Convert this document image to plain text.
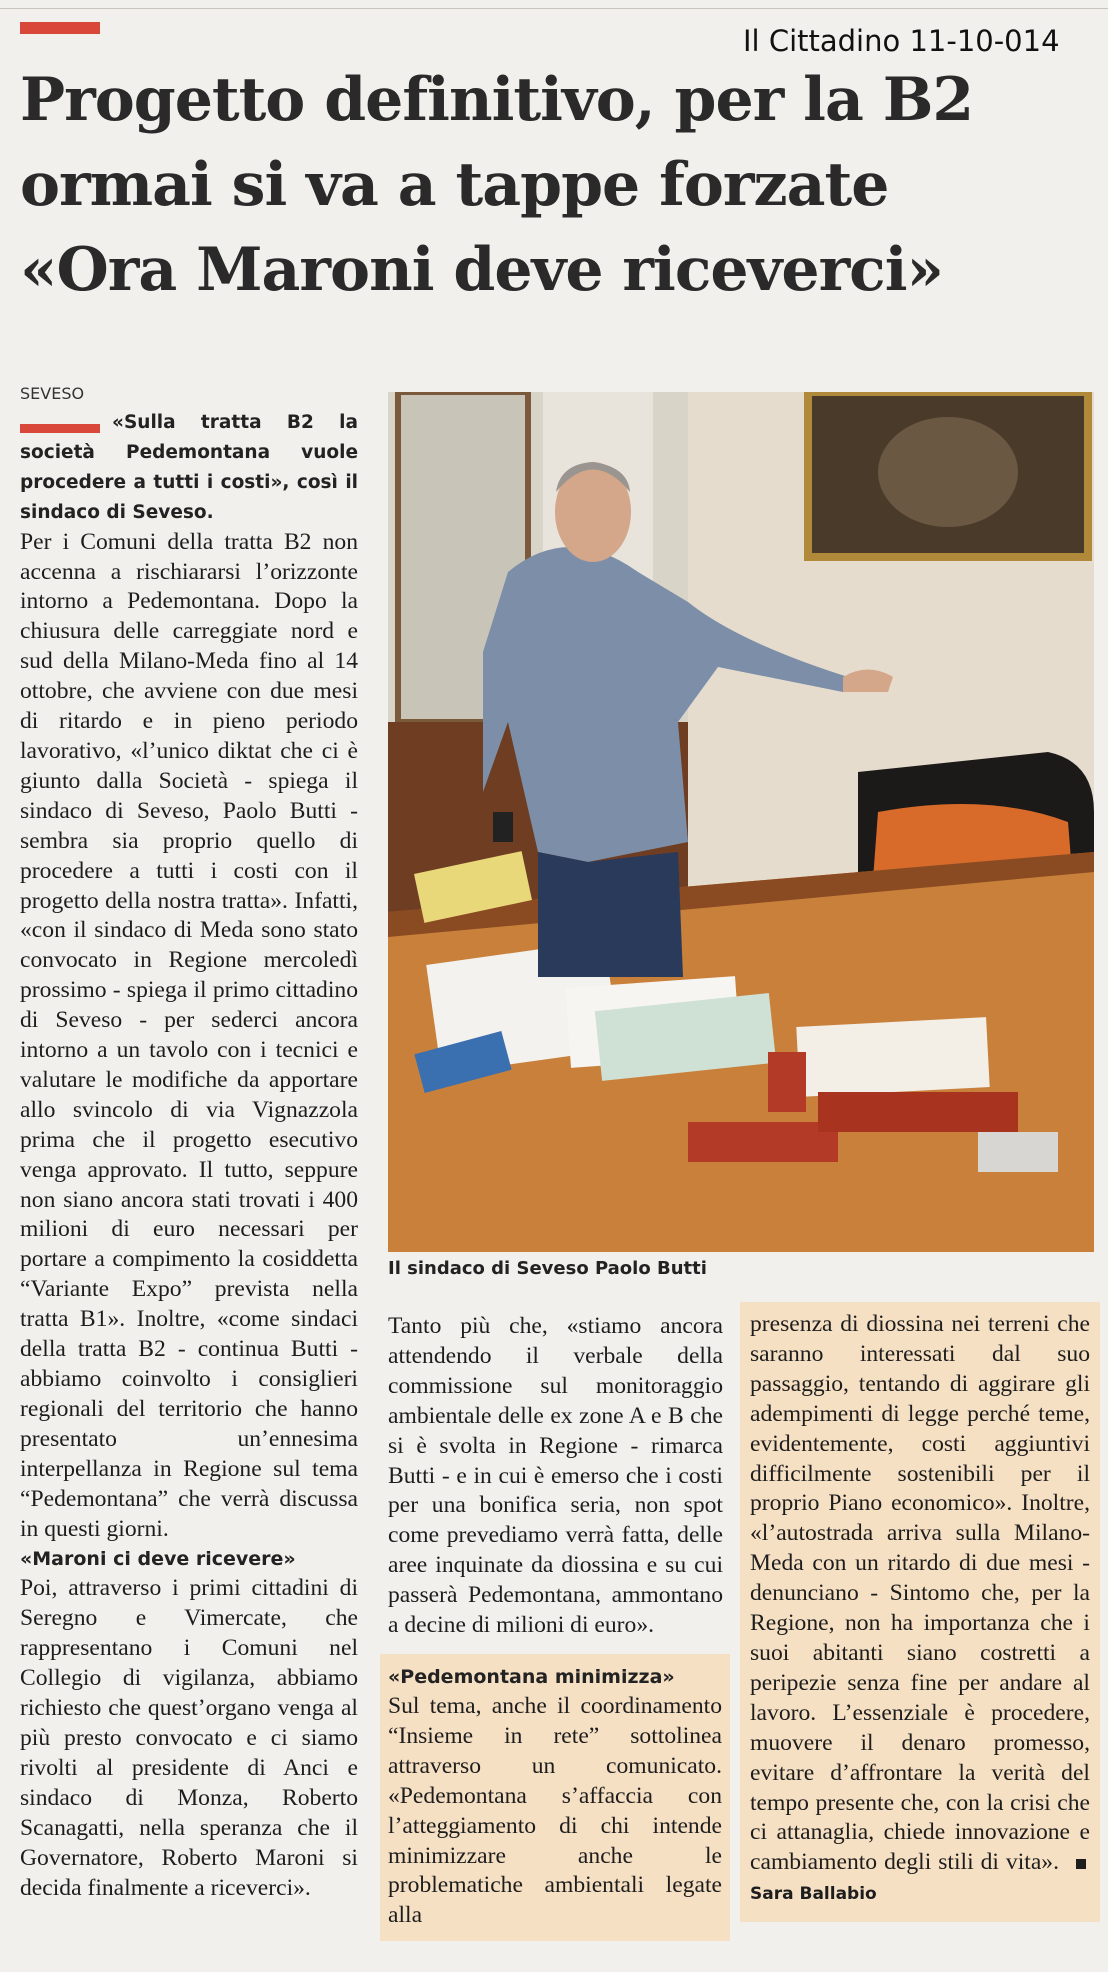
Il Cittadino 11-10-014
Progetto definitivo, per la B2
ormai si va a tappe forzate
«Ora Maroni deve riceverci»
SEVESO

«Sulla tratta B2 la società Pedemontana vuole procedere a tutti i costi», così il sindaco di Seveso.

Per i Comuni della tratta B2 non accenna a rischiararsi l’orizzonte intorno a Pedemontana. Dopo la chiusura delle carreggiate nord e sud della Milano-Meda fino al 14 ottobre, che avviene con due mesi di ritardo e in pieno periodo lavorativo, «l’unico diktat che ci è giunto dalla Società - spiega il sindaco di Seveso, Paolo Butti - sembra sia proprio quello di procedere a tutti i costi con il progetto della nostra tratta». Infatti, «con il sindaco di Meda sono stato convocato in Regione mercoledì prossimo - spiega il primo cittadino di Seveso - per sederci ancora intorno a un tavolo con i tecnici e valutare le modifiche da apportare allo svincolo di via Vignazzola prima che il progetto esecutivo venga approvato. Il tutto, seppure non siano ancora stati trovati i 400 milioni di euro necessari per portare a compimento la cosiddetta “Variante Expo” prevista nella tratta B1». Inoltre, «come sindaci della tratta B2 - continua Butti - abbiamo coinvolto i consiglieri regionali del territorio che hanno presentato un’ennesima interpellanza in Regione sul tema “Pedemontana” che verrà discussa in questi giorni.

«Maroni ci deve ricevere»

Poi, attraverso i primi cittadini di Seregno e Vimercate, che rappresentano i Comuni nel Collegio di vigilanza, abbiamo richiesto che quest’organo venga al più presto convocato e ci siamo rivolti al presidente di Anci e sindaco di Monza, Roberto Scanagatti, nella speranza che il Governatore, Roberto Maroni si decida finalmente a riceverci».

Il sindaco di Seveso Paolo Butti

Tanto più che, «stiamo ancora attendendo il verbale della commissione sul monitoraggio ambientale delle ex zone A e B che si è svolta in Regione - rimarca Butti - e in cui è emerso che i costi per una bonifica seria, non spot come prevediamo verrà fatta, delle aree inquinate da diossina e su cui passerà Pedemontana, ammontano a decine di milioni di euro».

«Pedemontana minimizza»

Sul tema, anche il coordinamento “Insieme in rete” sottolinea attraverso un comunicato. «Pedemontana s’affaccia con l’atteggiamento di chi intende minimizzare anche le problematiche ambientali legate alla

presenza di diossina nei terreni che saranno interessati dal suo passaggio, tentando di aggirare gli adempimenti di legge perché teme, evidentemente, costi aggiuntivi difficilmente sostenibili per il proprio Piano economico». Inoltre, «l’autostrada arriva sulla Milano-Meda con un ritardo di due mesi - denunciano - Sintomo che, per la Regione, non ha importanza che i suoi abitanti siano costretti a peripezie senza fine per andare al lavoro. L’essenziale è procedere, muovere il denaro promesso, evitare d’affrontare la verità del tempo presente che, con la crisi che ci attanaglia, chiede innovazione e cambiamento degli stili di vita». Sara Ballabio
